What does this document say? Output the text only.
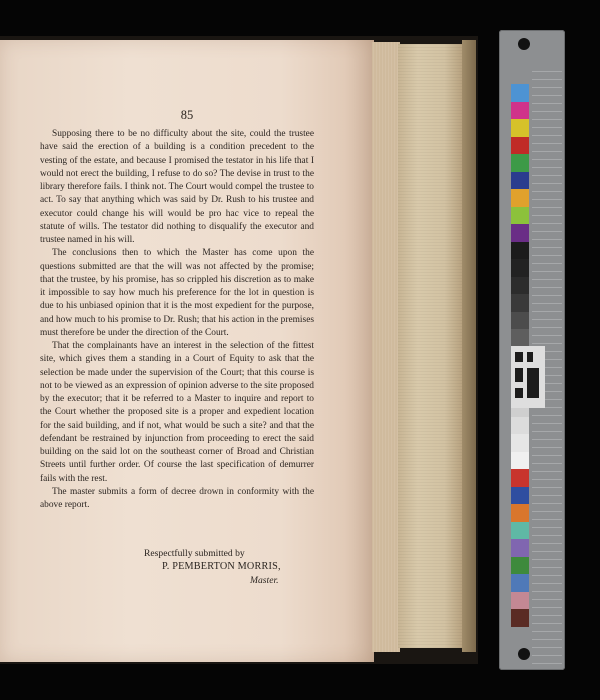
85

Supposing there to be no difficulty about the site, could the trustee have said the erection of a building is a condition precedent to the vesting of the estate, and because I promised the testator in his life that I would not erect the building, I refuse to do so? The devise in trust to the library therefore fails. I think not. The Court would compel the trustee to act. To say that anything which was said by Dr. Rush to his trustee and executor could change his will would be pro hac vice to repeal the statute of wills. The testator did nothing to disqualify the executor and trustee named in his will.

The conclusions then to which the Master has come upon the questions submitted are that the will was not affected by the promise; that the trustee, by his promise, has so crippled his discretion as to make it impossible to say how much his preference for the lot in question is due to his unbiased opinion that it is the most expedient for the purpose, and how much to his promise to Dr. Rush; that his action in the premises must therefore be under the direction of the Court.

That the complainants have an interest in the selection of the fittest site, which gives them a standing in a Court of Equity to ask that the selection be made under the supervision of the Court; that this course is not to be viewed as an expression of opinion adverse to the site proposed by the executor; that it be referred to a Master to inquire and report to the Court whether the proposed site is a proper and expedient location for the said building, and if not, what would be such a site? and that the defendant be restrained by injunction from proceeding to erect the said building on the said lot on the southeast corner of Broad and Christian Streets until further order. Of course the last specification of demurrer fails with the rest.

The master submits a form of decree drown in conformity with the above report.

Respectfully submitted by
P. PEMBERTON MORRIS,
Master.
